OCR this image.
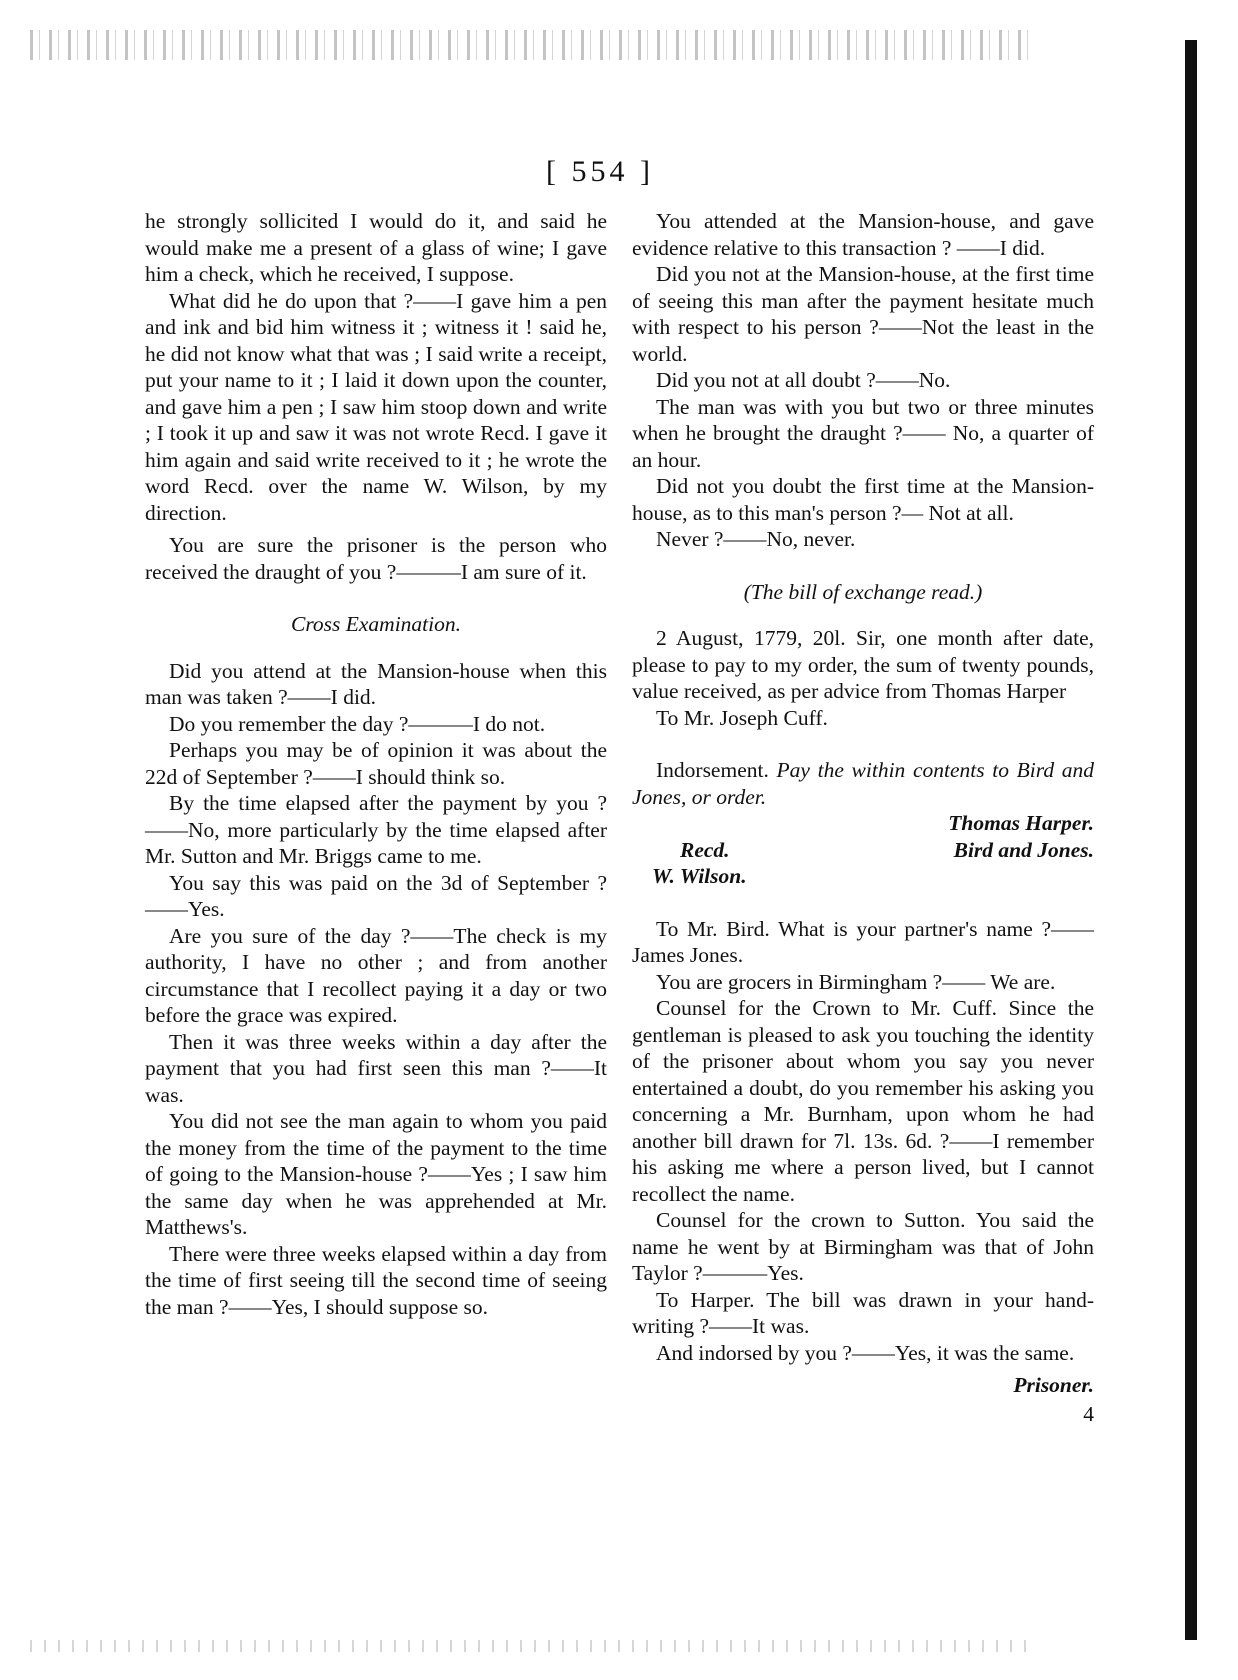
[ 554 ]

he strongly sollicited I would do it, and said he would make me a present of a glass of wine; I gave him a check, which he received, I suppose.

What did he do upon that ?——I gave him a pen and ink and bid him witness it ; witness it ! said he, he did not know what that was ; I said write a receipt, put your name to it ; I laid it down upon the counter, and gave him a pen ; I saw him stoop down and write ; I took it up and saw it was not wrote Recd. I gave it him again and said write received to it ; he wrote the word Recd. over the name W. Wilson, by my direction.

You are sure the prisoner is the person who received the draught of you ?———I am sure of it.

Cross Examination.

Did you attend at the Mansion-house when this man was taken ?——I did.

Do you remember the day ?———I do not.

Perhaps you may be of opinion it was about the 22d of September ?——I should think so.

By the time elapsed after the payment by you ?——No, more particularly by the time elapsed after Mr. Sutton and Mr. Briggs came to me.

You say this was paid on the 3d of September ?——Yes.

Are you sure of the day ?——The check is my authority, I have no other ; and from another circumstance that I recollect paying it a day or two before the grace was expired.

Then it was three weeks within a day after the payment that you had first seen this man ?——It was.

You did not see the man again to whom you paid the money from the time of the payment to the time of going to the Mansion-house ?——Yes ; I saw him the same day when he was apprehended at Mr. Matthews's.

There were three weeks elapsed within a day from the time of first seeing till the second time of seeing the man ?——Yes, I should suppose so.

You attended at the Mansion-house, and gave evidence relative to this transaction ? ——I did.

Did you not at the Mansion-house, at the first time of seeing this man after the payment hesitate much with respect to his person ?——Not the least in the world.

Did you not at all doubt ?——No.

The man was with you but two or three minutes when he brought the draught ?—— No, a quarter of an hour.

Did not you doubt the first time at the Mansion-house, as to this man's person ?— Not at all.

Never ?——No, never.

(The bill of exchange read.)

2 August, 1779, 20l. Sir, one month after date, please to pay to my order, the sum of twenty pounds, value received, as per advice from Thomas Harper

To Mr. Joseph Cuff.

Indorsement. Pay the within contents to Bird and Jones, or order.

Thomas Harper.
Recd.	Bird and Jones.
W. Wilson.

To Mr. Bird. What is your partner's name ?——James Jones.

You are grocers in Birmingham ?—— We are.

Counsel for the Crown to Mr. Cuff. Since the gentleman is pleased to ask you touching the identity of the prisoner about whom you say you never entertained a doubt, do you remember his asking you concerning a Mr. Burnham, upon whom he had another bill drawn for 7l. 13s. 6d. ?——I remember his asking me where a person lived, but I cannot recollect the name.

Counsel for the crown to Sutton. You said the name he went by at Birmingham was that of John Taylor ?———Yes.

To Harper. The bill was drawn in your hand-writing ?——It was.

And indorsed by you ?——Yes, it was the same.

Prisoner.
4
